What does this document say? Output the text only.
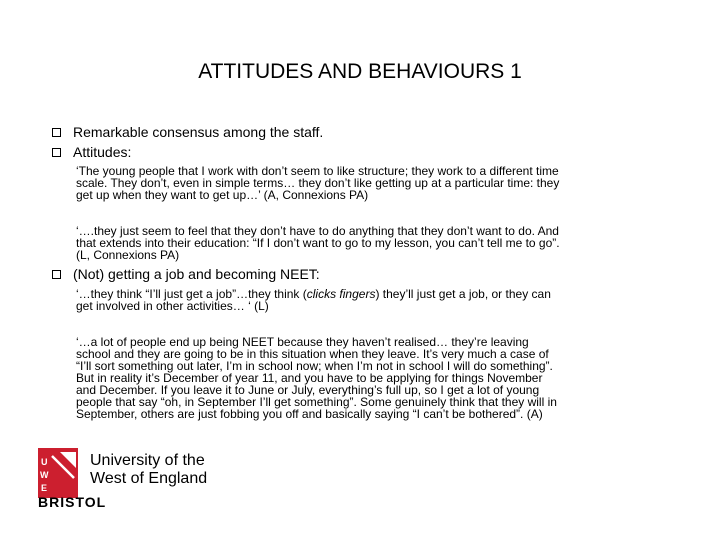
ATTITUDES AND BEHAVIOURS 1
Remarkable consensus among the staff.
Attitudes:
‘The young people that I work with don’t seem to like structure; they work to a different time
scale. They don’t, even in simple terms… they don’t like getting up at a particular time: they
get up when they want to get up…’ (A, Connexions PA)
‘….they just seem to feel that they don’t have to do anything that they don’t want to do. And
that extends into their education: “If I don’t want to go to my lesson, you can’t tell me to go”.
(L, Connexions PA)
(Not) getting a job and becoming NEET:
‘…they think “I’ll just get a job”…they think (clicks fingers) they’ll just get a job, or they can
get involved in other activities… ‘ (L)
‘…a lot of people end up being NEET because they haven’t realised… they’re leaving
school and they are going to be in this situation when they leave. It’s very much a case of
“I’ll sort something out later, I’m in school now; when I’m not in school I will do something”.
But in reality it’s December of year 11, and you have to be applying for things November
and December. If you leave it to June or July, everything’s full up, so I get a lot of young
people that say “oh, in September I’ll get something”. Some genuinely think that they will in
September, others are just fobbing you off and basically saying “I can’t be bothered”. (A)
U
W
E
University of the
West of England
BRISTOL
